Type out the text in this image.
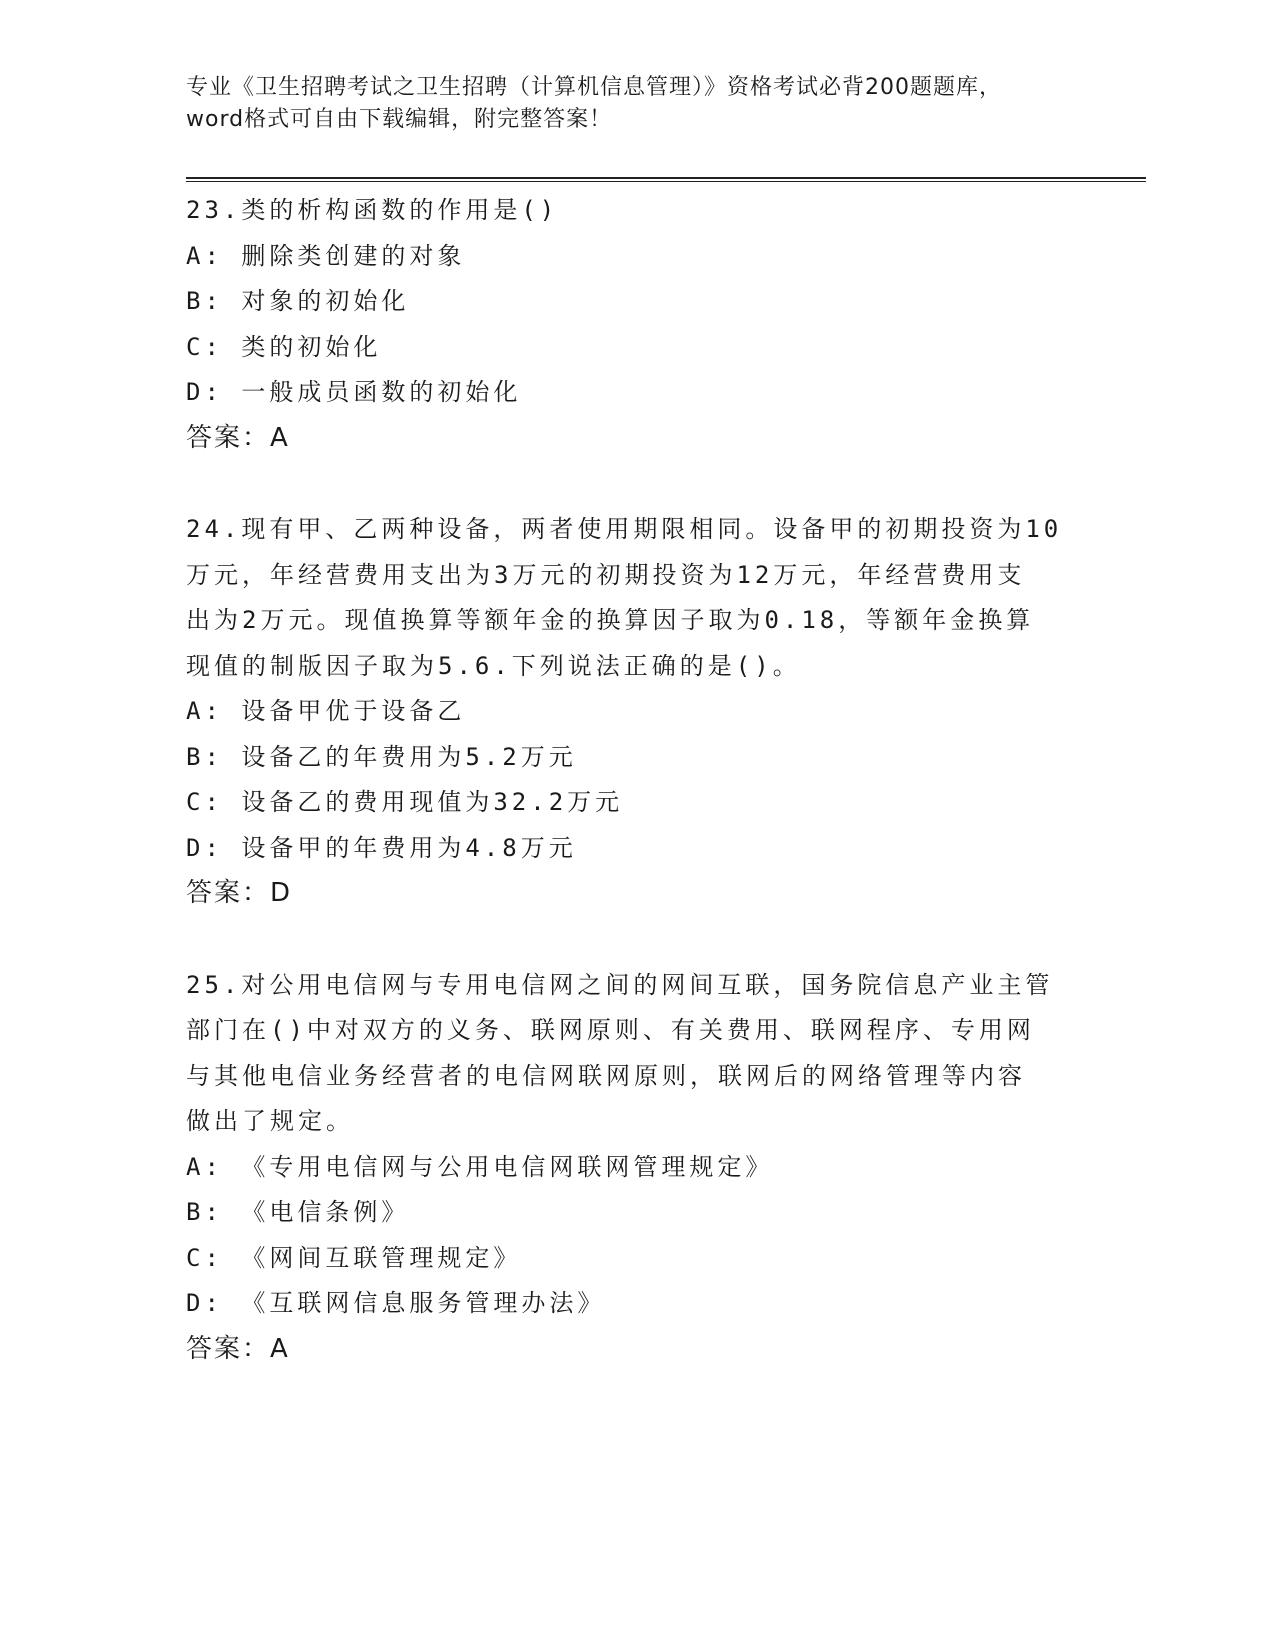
专业《卫生招聘考试之卫生招聘（计算机信息管理）》资格考试必背200题题库，
word格式可自由下载编辑，附完整答案！
23.类的析构函数的作用是()
A: 删除类创建的对象
B: 对象的初始化
C: 类的初始化
D: 一般成员函数的初始化
答案：A
24.现有甲、乙两种设备，两者使用期限相同。设备甲的初期投资为10
万元，年经营费用支出为3万元的初期投资为12万元，年经营费用支
出为2万元。现值换算等额年金的换算因子取为0.18，等额年金换算
现值的制版因子取为5.6.下列说法正确的是()。
A: 设备甲优于设备乙
B: 设备乙的年费用为5.2万元
C: 设备乙的费用现值为32.2万元
D: 设备甲的年费用为4.8万元
答案：D
25.对公用电信网与专用电信网之间的网间互联，国务院信息产业主管
部门在()中对双方的义务、联网原则、有关费用、联网程序、专用网
与其他电信业务经营者的电信网联网原则，联网后的网络管理等内容
做出了规定。
A: 《专用电信网与公用电信网联网管理规定》
B: 《电信条例》
C: 《网间互联管理规定》
D: 《互联网信息服务管理办法》
答案：A
